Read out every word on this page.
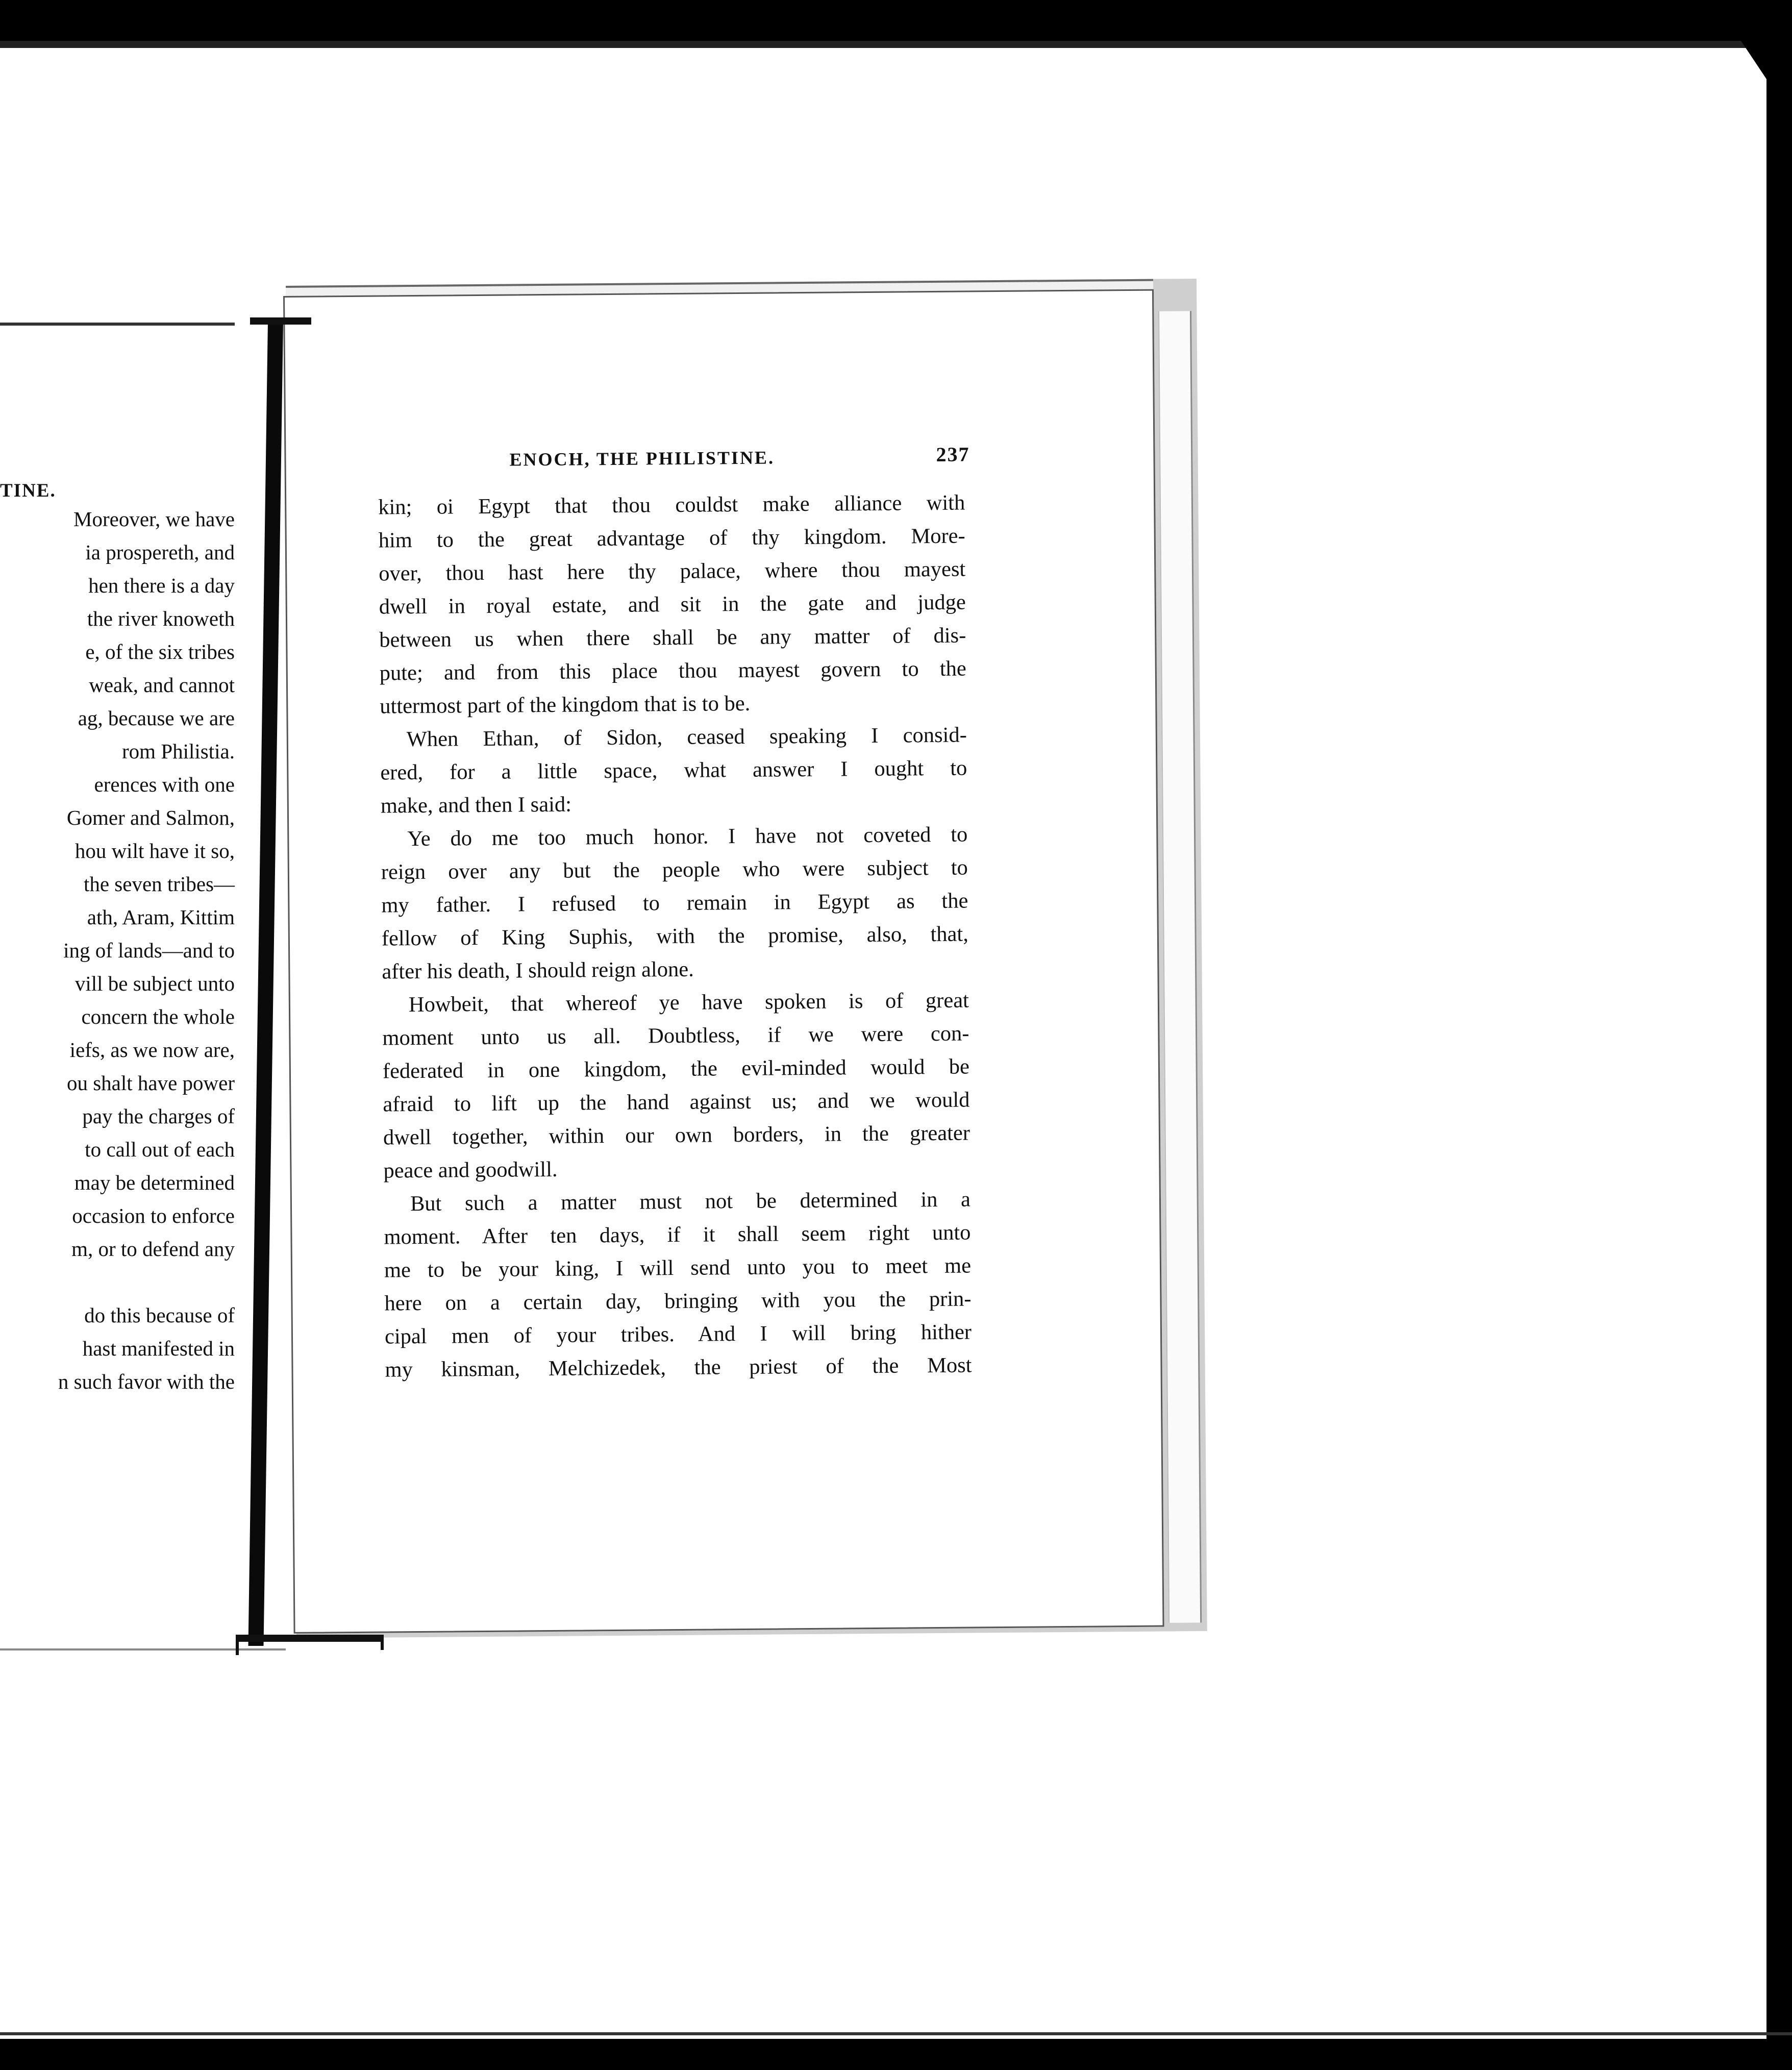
TINE.
Moreover, we have
ia prospereth, and
hen there is a day
the river knoweth
e, of the six tribes
weak, and cannot
ag, because we are
rom Philistia.
erences with one
Gomer and Salmon,
hou wilt have it so,
the seven tribes—
ath, Aram, Kittim
ing of lands—and to
vill be subject unto
concern the whole
iefs, as we now are,
ou shalt have power
pay the charges of
to call out of each
may be determined
occasion to enforce
m, or to defend any
do this because of
hast manifested in
n such favor with the
ENOCH, THE PHILISTINE.	237
kin; oi Egypt that thou couldst make alliance with
him to the great advantage of thy kingdom. More-
over, thou hast here thy palace, where thou mayest
dwell in royal estate, and sit in the gate and judge
between us when there shall be any matter of dis-
pute; and from this place thou mayest govern to the
uttermost part of the kingdom that is to be.
When Ethan, of Sidon, ceased speaking I consid-
ered, for a little space, what answer I ought to
make, and then I said:
Ye do me too much honor. I have not coveted to
reign over any but the people who were subject to
my father. I refused to remain in Egypt as the
fellow of King Suphis, with the promise, also, that,
after his death, I should reign alone.
Howbeit, that whereof ye have spoken is of great
moment unto us all. Doubtless, if we were con-
federated in one kingdom, the evil-minded would be
afraid to lift up the hand against us; and we would
dwell together, within our own borders, in the greater
peace and goodwill.
But such a matter must not be determined in a
moment. After ten days, if it shall seem right unto
me to be your king, I will send unto you to meet me
here on a certain day, bringing with you the prin-
cipal men of your tribes. And I will bring hither
my kinsman, Melchizedek, the priest of the Most
